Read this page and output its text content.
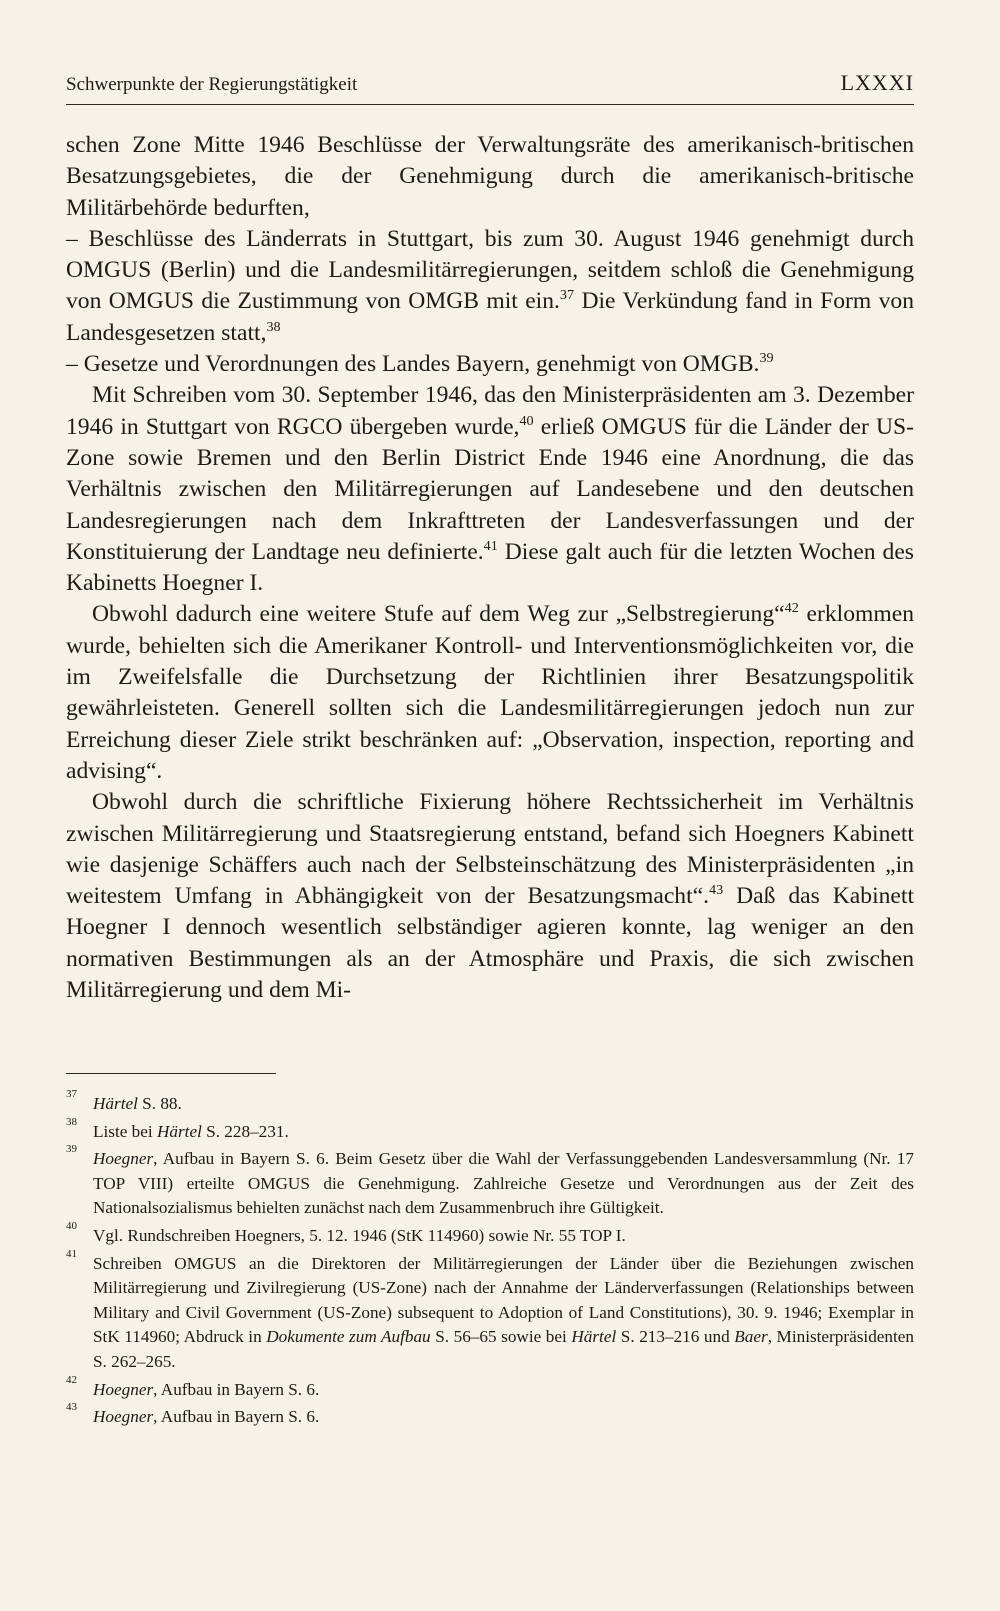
Schwerpunkte der Regierungstätigkeit	LXXXI

schen Zone Mitte 1946 Beschlüsse der Verwaltungsräte des amerikanisch-britischen Besatzungsgebietes, die der Genehmigung durch die amerikanisch-britische Militärbehörde bedurften,

– Beschlüsse des Länderrats in Stuttgart, bis zum 30. August 1946 genehmigt durch OMGUS (Berlin) und die Landesmilitärregierungen, seitdem schloß die Genehmigung von OMGUS die Zustimmung von OMGB mit ein.$^{37}$ Die Verkündung fand in Form von Landesgesetzen statt,$^{38}$

– Gesetze und Verordnungen des Landes Bayern, genehmigt von OMGB.$^{39}$

Mit Schreiben vom 30. September 1946, das den Ministerpräsidenten am 3. Dezember 1946 in Stuttgart von RGCO übergeben wurde,$^{40}$ erließ OMGUS für die Länder der US-Zone sowie Bremen und den Berlin District Ende 1946 eine Anordnung, die das Verhältnis zwischen den Militärregierungen auf Landesebene und den deutschen Landesregierungen nach dem Inkrafttreten der Landesverfassungen und der Konstituierung der Landtage neu definierte.$^{41}$ Diese galt auch für die letzten Wochen des Kabinetts Hoegner I.

Obwohl dadurch eine weitere Stufe auf dem Weg zur „Selbstregierung“$^{42}$ erklommen wurde, behielten sich die Amerikaner Kontroll- und Interventionsmöglichkeiten vor, die im Zweifelsfalle die Durchsetzung der Richtlinien ihrer Besatzungspolitik gewährleisteten. Generell sollten sich die Landesmilitärregierungen jedoch nun zur Erreichung dieser Ziele strikt beschränken auf: „Observation, inspection, reporting and advising“.

Obwohl durch die schriftliche Fixierung höhere Rechtssicherheit im Verhältnis zwischen Militärregierung und Staatsregierung entstand, befand sich Hoegners Kabinett wie dasjenige Schäffers auch nach der Selbsteinschätzung des Ministerpräsidenten „in weitestem Umfang in Abhängigkeit von der Besatzungsmacht“.$^{43}$ Daß das Kabinett Hoegner I dennoch wesentlich selbständiger agieren konnte, lag weniger an den normativen Bestimmungen als an der Atmosphäre und Praxis, die sich zwischen Militärregierung und dem Mi-

37 Härtel S. 88.
38 Liste bei Härtel S. 228–231.
39 Hoegner, Aufbau in Bayern S. 6. Beim Gesetz über die Wahl der Verfassunggebenden Landesversammlung (Nr. 17 TOP VIII) erteilte OMGUS die Genehmigung. Zahlreiche Gesetze und Verordnungen aus der Zeit des Nationalsozialismus behielten zunächst nach dem Zusammenbruch ihre Gültigkeit.
40 Vgl. Rundschreiben Hoegners, 5. 12. 1946 (StK 114960) sowie Nr. 55 TOP I.
41 Schreiben OMGUS an die Direktoren der Militärregierungen der Länder über die Beziehungen zwischen Militärregierung und Zivilregierung (US-Zone) nach der Annahme der Länderverfassungen (Relationships between Military and Civil Government (US-Zone) subsequent to Adoption of Land Constitutions), 30. 9. 1946; Exemplar in StK 114960; Abdruck in Dokumente zum Aufbau S. 56–65 sowie bei Härtel S. 213–216 und Baer, Ministerpräsidenten S. 262–265.
42 Hoegner, Aufbau in Bayern S. 6.
43 Hoegner, Aufbau in Bayern S. 6.
